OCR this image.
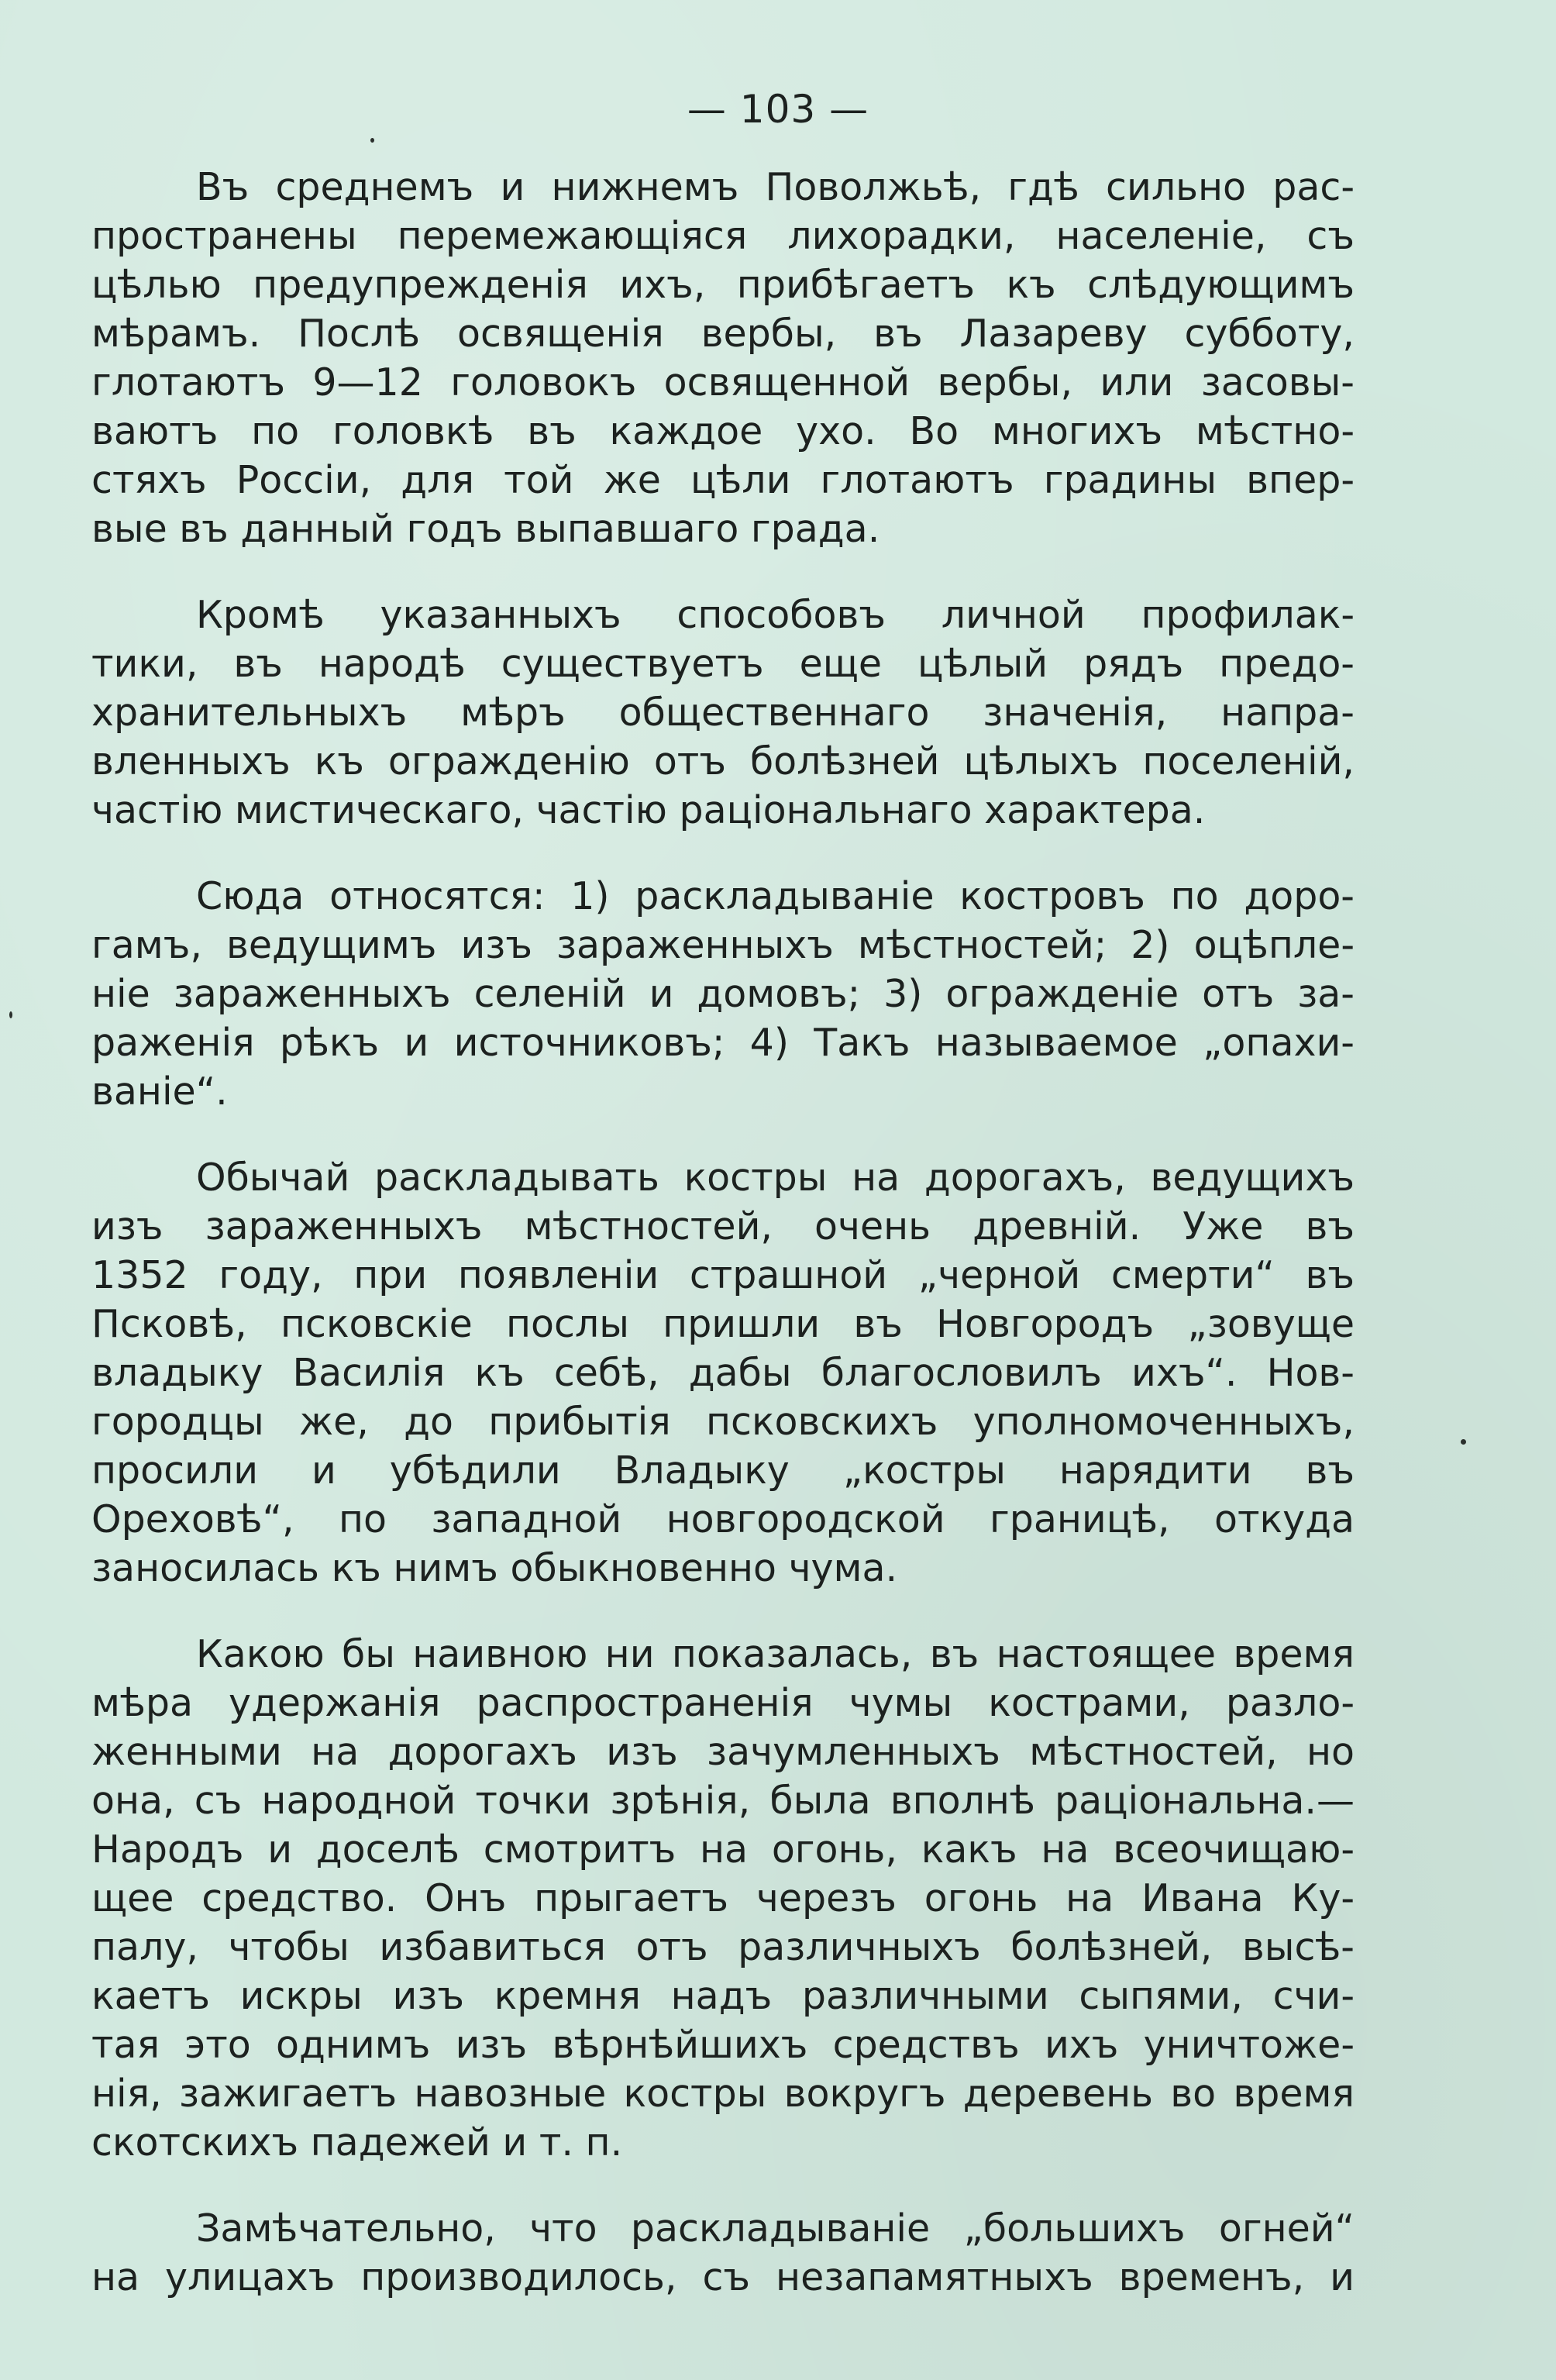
— 103 —
Въ среднемъ и нижнемъ Поволжьѣ, гдѣ сильно рас-
пространены перемежающіяся лихорадки, населеніе, съ
цѣлью предупрежденія ихъ, прибѣгаетъ къ слѣдующимъ
мѣрамъ. Послѣ освященія вербы, въ Лазареву субботу,
глотаютъ 9—12 головокъ освященной вербы, или засовы-
ваютъ по головкѣ въ каждое ухо. Во многихъ мѣстно-
стяхъ Россіи, для той же цѣли глотаютъ градины впер-
вые въ данный годъ выпавшаго града.
Кромѣ указанныхъ способовъ личной профилак-
тики, въ народѣ существуетъ еще цѣлый рядъ предо-
хранительныхъ мѣръ общественнаго значенія, напра-
вленныхъ къ огражденію отъ болѣзней цѣлыхъ поселеній,
частію мистическаго, частію раціональнаго характера.
Сюда относятся: 1) раскладываніе костровъ по доро-
гамъ, ведущимъ изъ зараженныхъ мѣстностей; 2) оцѣпле-
ніе зараженныхъ селеній и домовъ; 3) огражденіе отъ за-
раженія рѣкъ и источниковъ; 4) Такъ называемое „опахи-
ваніе“.
Обычай раскладывать костры на дорогахъ, ведущихъ
изъ зараженныхъ мѣстностей, очень древній. Уже въ
1352 году, при появленіи страшной „черной смерти“ въ
Псковѣ, псковскіе послы пришли въ Новгородъ „зовуще
владыку Василія къ себѣ, дабы благословилъ ихъ“. Нов-
городцы же, до прибытія псковскихъ уполномоченныхъ,
просили и убѣдили Владыку „костры нарядити въ
Ореховѣ“, по западной новгородской границѣ, откуда
заносилась къ нимъ обыкновенно чума.
Какою бы наивною ни показалась, въ настоящее время
мѣра удержанія распространенія чумы кострами, разло-
женными на дорогахъ изъ зачумленныхъ мѣстностей, но
она, съ народной точки зрѣнія, была вполнѣ раціональна.—
Народъ и доселѣ смотритъ на огонь, какъ на всеочищаю-
щее средство. Онъ прыгаетъ черезъ огонь на Ивана Ку-
палу, чтобы избавиться отъ различныхъ болѣзней, высѣ-
каетъ искры изъ кремня надъ различными сыпями, счи-
тая это однимъ изъ вѣрнѣйшихъ средствъ ихъ уничтоже-
нія, зажигаетъ навозные костры вокругъ деревень во время
скотскихъ падежей и т. п.
Замѣчательно, что раскладываніе „большихъ огней“
на улицахъ производилось, съ незапамятныхъ временъ, и
